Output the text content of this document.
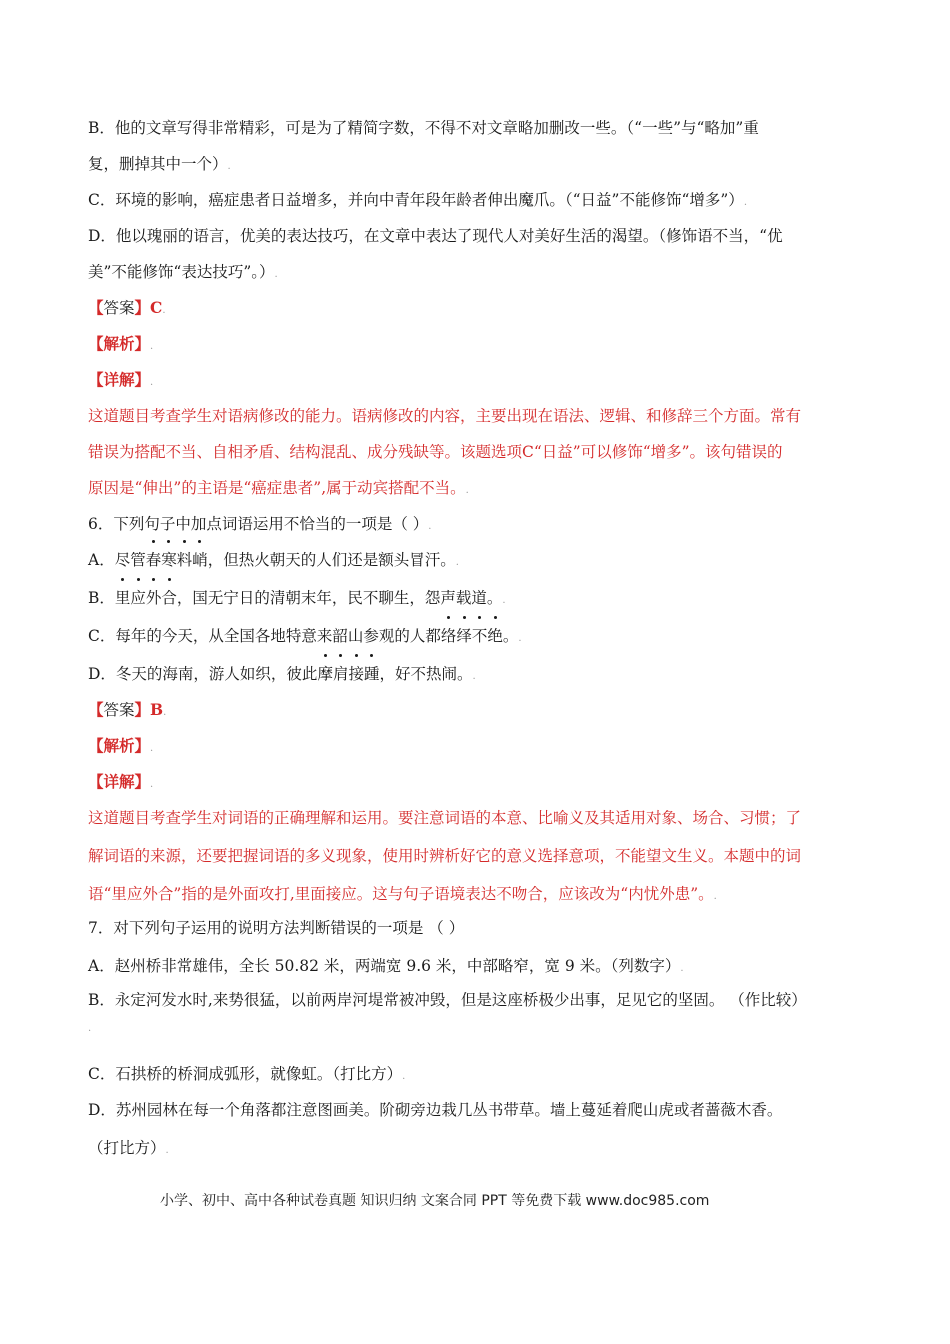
B．他的文章写得非常精彩，可是为了精简字数，不得不对文章略加删改一些。（“一些”与“略加”重
复，删掉其中一个）.
C．环境的影响，癌症患者日益增多，并向中青年段年龄者伸出魔爪。（“日益”不能修饰“增多”）.
D．他以瑰丽的语言，优美的表达技巧，在文章中表达了现代人对美好生活的渴望。（修饰语不当，“优
美”不能修饰“表达技巧”。）.
【答案】C.
【解析】.
【详解】.
这道题目考查学生对语病修改的能力。语病修改的内容，主要出现在语法、逻辑、和修辞三个方面。常有
错误为搭配不当、自相矛盾、结构混乱、成分残缺等。该题选项C“日益”可以修饰“增多”。该句错误的
原因是“伸出”的主语是“癌症患者”,属于动宾搭配不当。.
6．下列句子中加点词语运用不恰当的一项是（ ）.
A．尽管
春寒料峭，但热火朝天的人们还是额头冒汗。.
B．
里应外合，国无宁日的清朝末年，民不聊生，怨声载道。.
C．每年的今天，从全国各地特意来韶山参观的人都
络绎不绝。.
D．冬天的海南，游人如织，彼此
摩肩接踵，好不热闹。.
【答案】B.
【解析】.
【详解】.
这道题目考查学生对词语的正确理解和运用。要注意词语的本意、比喻义及其适用对象、场合、习惯；了
解词语的来源，还要把握词语的多义现象，使用时辨析好它的意义选择意项，不能望文生义。本题中的词
语“里应外合”指的是外面攻打,里面接应。这与句子语境表达不吻合，应该改为“内忧外患”。.
7．对下列句子运用的说明方法判断错误的一项是 （ ）
A．赵州桥非常雄伟，全长 50.82 米，两端宽 9.6 米，中部略窄，宽 9 米。（列数字）.
B．永定河发水时,来势很猛，以前两岸河堤常被冲毁，但是这座桥极少出事，足见它的坚固。 （作比较）
.
C．石拱桥的桥洞成弧形，就像虹。（打比方）.
D．苏州园林在每一个角落都注意图画美。阶砌旁边栽几丛书带草。墙上蔓延着爬山虎或者蔷薇木香。
（打比方）.
小学、初中、高中各种试卷真题 知识归纳 文案合同 PPT 等免费下载 www.doc985.com
